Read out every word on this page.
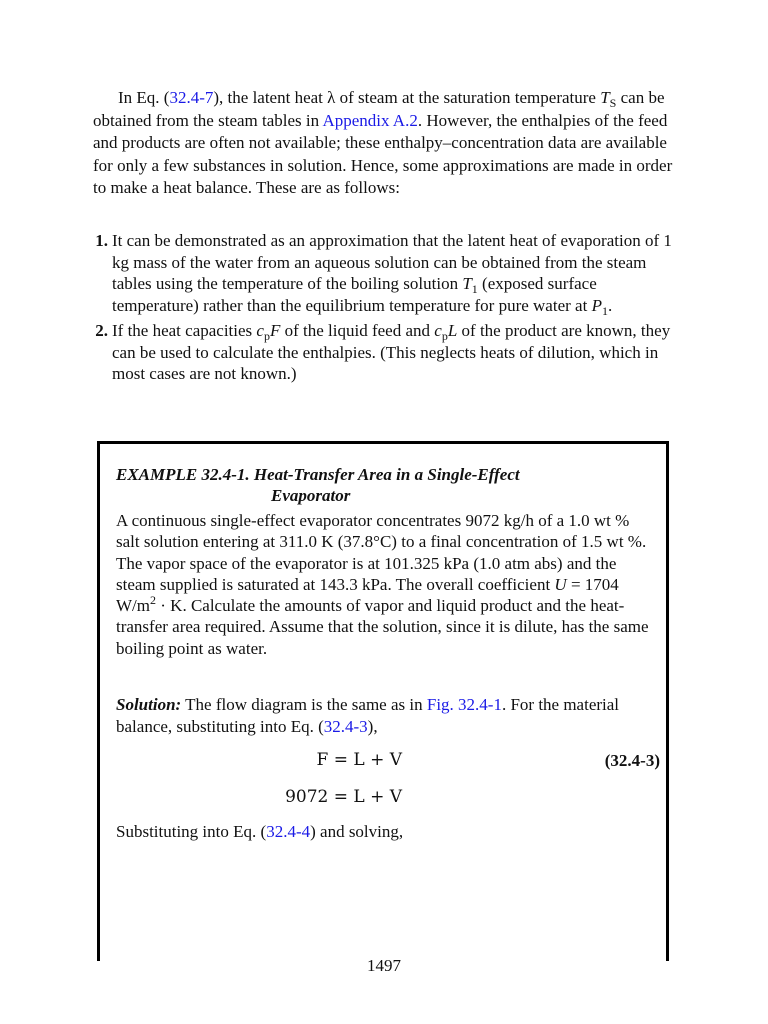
In Eq. (32.4-7), the latent heat λ of steam at the saturation temperature $T_S$ can be obtained from the steam tables in Appendix A.2. However, the enthalpies of the feed and products are often not available; these enthalpy–concentration data are available for only a few substances in solution. Hence, some approximations are made in order to make a heat balance. These are as follows:

1. It can be demonstrated as an approximation that the latent heat of evaporation of 1 kg mass of the water from an aqueous solution can be obtained from the steam tables using the temperature of the boiling solution $T_1$ (exposed surface temperature) rather than the equilibrium temperature for pure water at $P_1$.
2. If the heat capacities $c_pF$ of the liquid feed and $c_pL$ of the product are known, they can be used to calculate the enthalpies. (This neglects heats of dilution, which in most cases are not known.)
EXAMPLE 32.4-1. Heat-Transfer Area in a Single-Effect
Evaporator

A continuous single-effect evaporator concentrates 9072 kg/h of a 1.0 wt % salt solution entering at 311.0 K (37.8°C) to a final concentration of 1.5 wt %. The vapor space of the evaporator is at 101.325 kPa (1.0 atm abs) and the steam supplied is saturated at 143.3 kPa. The overall coefficient U = 1704 $W/m^2 \cdot K$. Calculate the amounts of vapor and liquid product and the heat-transfer area required. Assume that the solution, since it is dilute, has the same boiling point as water.

Solution: The flow diagram is the same as in Fig. 32.4-1. For the material balance, substituting into Eq. (32.4-3),

F = L + V	(32.4-3)
9072 = L + V

Substituting into Eq. (32.4-4) and solving,

1497
